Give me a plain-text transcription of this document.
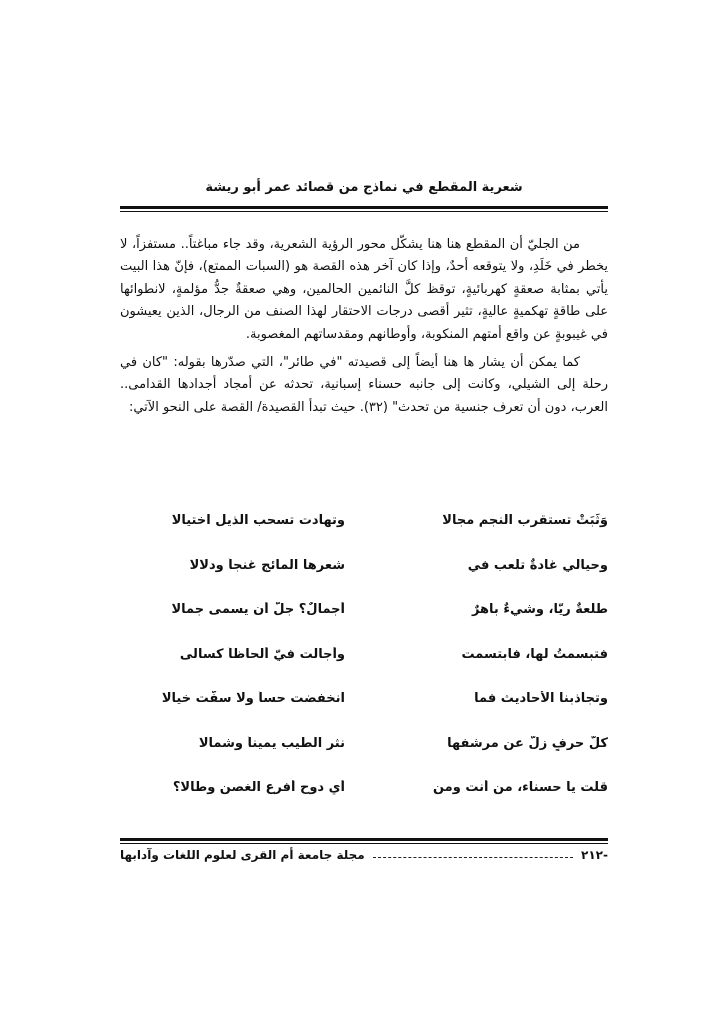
شعرية المقطع في نماذج من قصائد عمر أبو ريشة

من الجليّ أن المقطع هنا هنا يشكّل محور الرؤية الشعرية، وقد جاء مباغتاً.. مستفزاً، لا يخطر في خَلَدِ، ولا يتوقعه أحدٌ، وإذا كان آخر هذه القصة هو (السبات الممتع)، فإنّ هذا البيت يأتي بمثابة صعقةٍ كهربائيةٍ، توقظ كلَّ النائمين الحالمين، وهي صعقةٌ جدُّ مؤلمةٍ، لانطوائها على طاقةٍ تهكميةٍ عاليةٍ، تثير أقصى درجات الاحتقار لهذا الصنف من الرجال، الذين يعيشون في غيبوبةٍ عن واقع أمتهم المنكوبة، وأوطانهم ومقدساتهم المغصوبة.

كما يمكن أن يشار ها هنا أيضاً إلى قصيدته "في طائر"، التي صدّرها بقوله: "كان في رحلة إلى الشيلي، وكانت إلى جانبه حسناء إسبانية، تحدثه عن أمجاد أجدادها القدامى.. العرب، دون أن تعرف جنسية من تحدث" (٣٢). حيث تبدأ القصيدة/ القصة على النحو الآتي:

وَثَبَتْ تستقرب النجم مجالا
وتهادت تسحب الذيل اختيالا
وحيالي غادةٌ تلعب في
شعرها المائج غنجاً ودلالا
طلعةٌ ريّا، وشيءٌ باهرٌ
أجمالٌ؟ جلّ أن يسمى جمالا
فتبسمتُ لها، فابتسمت
وأجالت فيّ ألحاظاً كسالى
وتجاذبنا الأحاديث فما
انخفضت حساً ولا سفّت خيالا
كلّ حرفٍ زلّ عن مرشفها
نثر الطيب يميناً وشمالا
قلت يا حسناء، من أنت ومن
أي دوحٍ أفرع الغصن وطالا؟
-٢١٢
مجلة جامعة أم القرى لعلوم اللغات وآدابها
